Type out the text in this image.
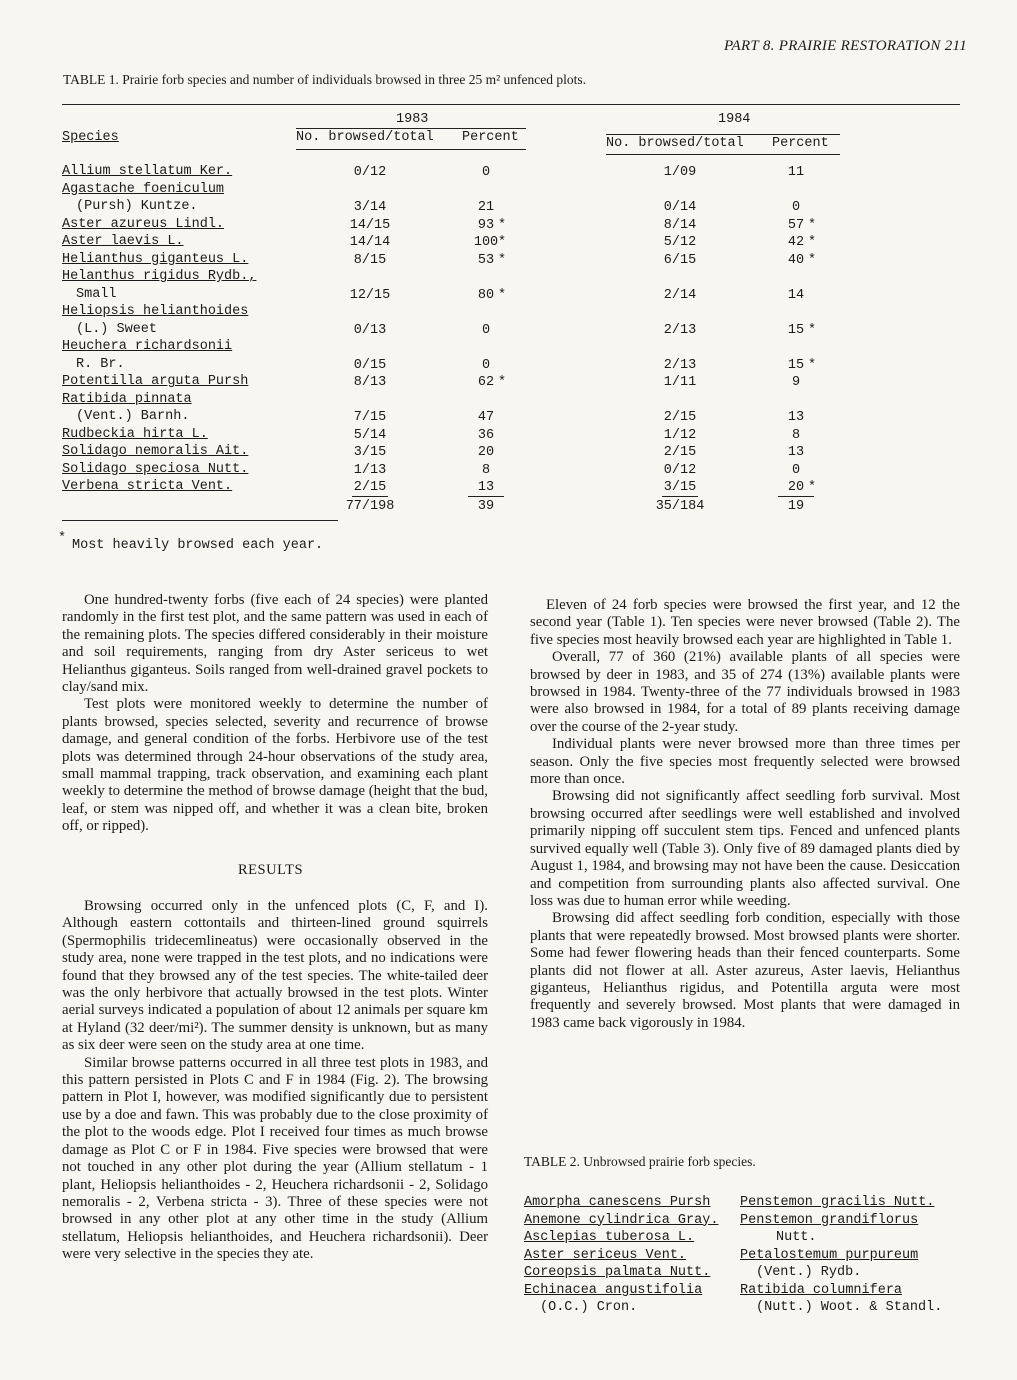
PART 8. PRAIRIE RESTORATION 211
TABLE 1. Prairie forb species and number of individuals browsed in three 25 m² unfenced plots.
1983	1984
Species	No. browsed/total Percent	No. browsed/total Percent
Allium stellatum Ker.	0/12	0	1/09	11
Agastache foeniculum
(Pursh) Kuntze.	3/14	21	0/14	0
Aster azureus Lindl.	14/15	93 *	8/14	57 *
Aster laevis L.	14/14	100 *	5/12	42 *
Helianthus giganteus L.	8/15	53 *	6/15	40 *
Helanthus rigidus Rydb.,
Small	12/15	80 *	2/14	14
Heliopsis helianthoides
(L.) Sweet	0/13	0	2/13	15 *
Heuchera richardsonii
R. Br.	0/15	0	2/13	15 *
Potentilla arguta Pursh	8/13	62 *	1/11	9
Ratibida pinnata
(Vent.) Barnh.	7/15	47	2/15	13
Rudbeckia hirta L.	5/14	36	1/12	8
Solidago nemoralis Ait.	3/15	20	2/15	13
Solidago speciosa Nutt.	1/13	8	0/12	0
Verbena stricta Vent.	2/15	13	3/15	20 *
77/198	39	35/184	19
* Most heavily browsed each year.

One hundred-twenty forbs (five each of 24 species) were planted randomly in the first test plot, and the same pattern was used in each of the remaining plots. The species differed considerably in their moisture and soil requirements, ranging from dry Aster sericeus to wet Helianthus giganteus. Soils ranged from well-drained gravel pockets to clay/sand mix.

Test plots were monitored weekly to determine the number of plants browsed, species selected, severity and recurrence of browse damage, and general condition of the forbs. Herbivore use of the test plots was determined through 24-hour observations of the study area, small mammal trapping, track observation, and examining each plant weekly to determine the method of browse damage (height that the bud, leaf, or stem was nipped off, and whether it was a clean bite, broken off, or ripped).

RESULTS

Browsing occurred only in the unfenced plots (C, F, and I). Although eastern cottontails and thirteen-lined ground squirrels (Spermophilis tridecemlineatus) were occasionally observed in the study area, none were trapped in the test plots, and no indications were found that they browsed any of the test species. The white-tailed deer was the only herbivore that actually browsed in the test plots. Winter aerial surveys indicated a population of about 12 animals per square km at Hyland (32 deer/mi²). The summer density is unknown, but as many as six deer were seen on the study area at one time.

Similar browse patterns occurred in all three test plots in 1983, and this pattern persisted in Plots C and F in 1984 (Fig. 2). The browsing pattern in Plot I, however, was modified significantly due to persistent use by a doe and fawn. This was probably due to the close proximity of the plot to the woods edge. Plot I received four times as much browse damage as Plot C or F in 1984. Five species were browsed that were not touched in any other plot during the year (Allium stellatum - 1 plant, Heliopsis helianthoides - 2, Heuchera richardsonii - 2, Solidago nemoralis - 2, Verbena stricta - 3). Three of these species were not browsed in any other plot at any other time in the study (Allium stellatum, Heliopsis helianthoides, and Heuchera richardsonii). Deer were very selective in the species they ate.

Eleven of 24 forb species were browsed the first year, and 12 the second year (Table 1). Ten species were never browsed (Table 2). The five species most heavily browsed each year are highlighted in Table 1.

Overall, 77 of 360 (21%) available plants of all species were browsed by deer in 1983, and 35 of 274 (13%) available plants were browsed in 1984. Twenty-three of the 77 individuals browsed in 1983 were also browsed in 1984, for a total of 89 plants receiving damage over the course of the 2-year study.

Individual plants were never browsed more than three times per season. Only the five species most frequently selected were browsed more than once.

Browsing did not significantly affect seedling forb survival. Most browsing occurred after seedlings were well established and involved primarily nipping off succulent stem tips. Fenced and unfenced plants survived equally well (Table 3). Only five of 89 damaged plants died by August 1, 1984, and browsing may not have been the cause. Desiccation and competition from surrounding plants also affected survival. One loss was due to human error while weeding.

Browsing did affect seedling forb condition, especially with those plants that were repeatedly browsed. Most browsed plants were shorter. Some had fewer flowering heads than their fenced counterparts. Some plants did not flower at all. Aster azureus, Aster laevis, Helianthus giganteus, Helianthus rigidus, and Potentilla arguta were most frequently and severely browsed. Most plants that were damaged in 1983 came back vigorously in 1984.

TABLE 2. Unbrowsed prairie forb species.
Amorpha canescens Pursh
Anemone cylindrica Gray.
Asclepias tuberosa L.
Aster sericeus Vent.
Coreopsis palmata Nutt.
Echinacea angustifolia
(O.C.) Cron.
Penstemon gracilis Nutt.
Penstemon grandiflorus
Nutt.
Petalostemum purpureum
(Vent.) Rydb.
Ratibida columnifera
(Nutt.) Woot. & Standl.
